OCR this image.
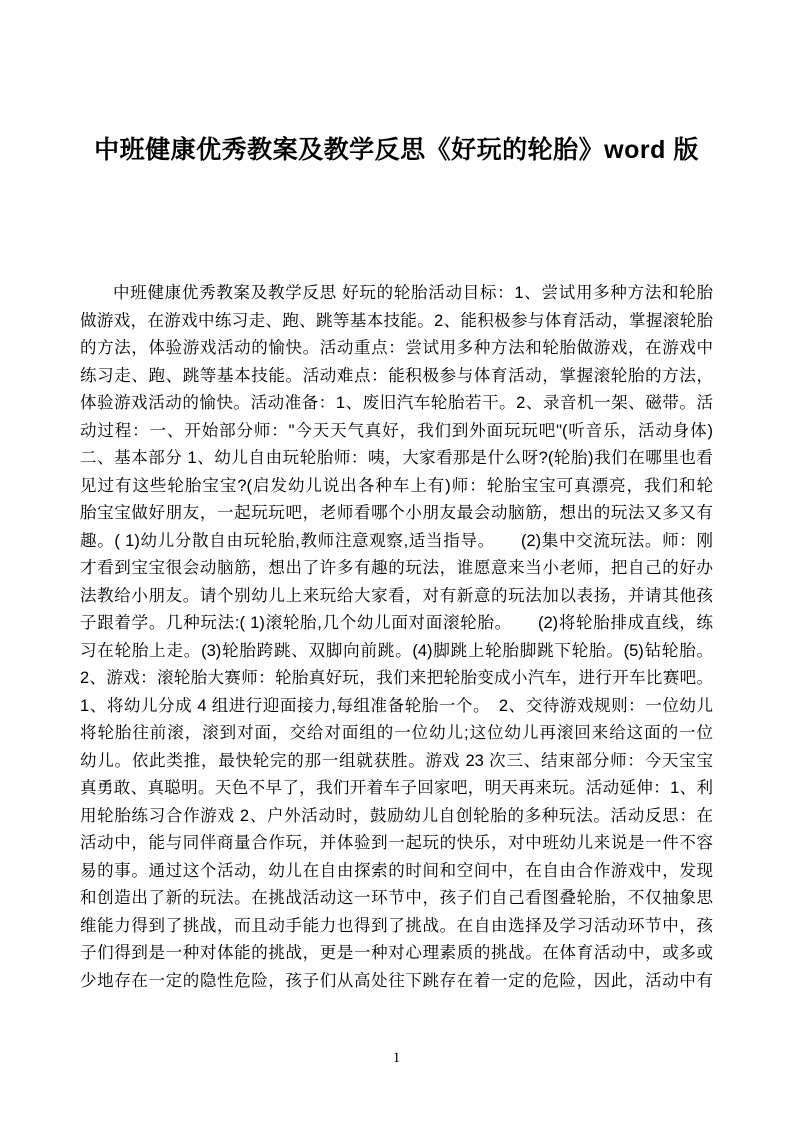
中班健康优秀教案及教学反思《好玩的轮胎》word 版
中班健康优秀教案及教学反思 好玩的轮胎活动目标：1、尝试用多种方法和轮胎
做游戏，在游戏中练习走、跑、跳等基本技能。2、能积极参与体育活动，掌握滚轮胎
的方法，体验游戏活动的愉快。活动重点：尝试用多种方法和轮胎做游戏，在游戏中
练习走、跑、跳等基本技能。活动难点：能积极参与体育活动，掌握滚轮胎的方法，
体验游戏活动的愉快。活动准备：1、废旧汽车轮胎若干。2、录音机一架、磁带。活
动过程：一、开始部分师："今天天气真好，我们到外面玩玩吧"(听音乐，活动身体)
二、基本部分 1、幼儿自由玩轮胎师：咦，大家看那是什么呀?(轮胎)我们在哪里也看
见过有这些轮胎宝宝?(启发幼儿说出各种车上有)师：轮胎宝宝可真漂亮，我们和轮
胎宝宝做好朋友，一起玩玩吧，老师看哪个小朋友最会动脑筋，想出的玩法又多又有
趣。( 1)幼儿分散自由玩轮胎,教师注意观察,适当指导。　　(2)集中交流玩法。师：刚
才看到宝宝很会动脑筋，想出了许多有趣的玩法，谁愿意来当小老师，把自己的好办
法教给小朋友。请个别幼儿上来玩给大家看，对有新意的玩法加以表扬，并请其他孩
子跟着学。几种玩法:( 1)滚轮胎,几个幼儿面对面滚轮胎。　　(2)将轮胎排成直线，练
习在轮胎上走。(3)轮胎跨跳、双脚向前跳。(4)脚跳上轮胎脚跳下轮胎。(5)钻轮胎。
2、游戏：滚轮胎大赛师：轮胎真好玩，我们来把轮胎变成小汽车，进行开车比赛吧。
1、将幼儿分成 4 组进行迎面接力,每组准备轮胎一个。　2、交待游戏规则：一位幼儿
将轮胎往前滚，滚到对面，交给对面组的一位幼儿;这位幼儿再滚回来给这面的一位
幼儿。依此类推，最快轮完的那一组就获胜。游戏 23 次三、结束部分师：今天宝宝
真勇敢、真聪明。天色不早了，我们开着车子回家吧，明天再来玩。活动延伸：1、利
用轮胎练习合作游戏 2、户外活动时，鼓励幼儿自创轮胎的多种玩法。活动反思：在
活动中，能与同伴商量合作玩，并体验到一起玩的快乐，对中班幼儿来说是一件不容
易的事。通过这个活动，幼儿在自由探索的时间和空间中，在自由合作游戏中，发现
和创造出了新的玩法。在挑战活动这一环节中，孩子们自己看图叠轮胎，不仅抽象思
维能力得到了挑战，而且动手能力也得到了挑战。在自由选择及学习活动环节中，孩
子们得到是一种对体能的挑战，更是一种对心理素质的挑战。在体育活动中，或多或
少地存在一定的隐性危险，孩子们从高处往下跳存在着一定的危险，因此，活动中有
1
